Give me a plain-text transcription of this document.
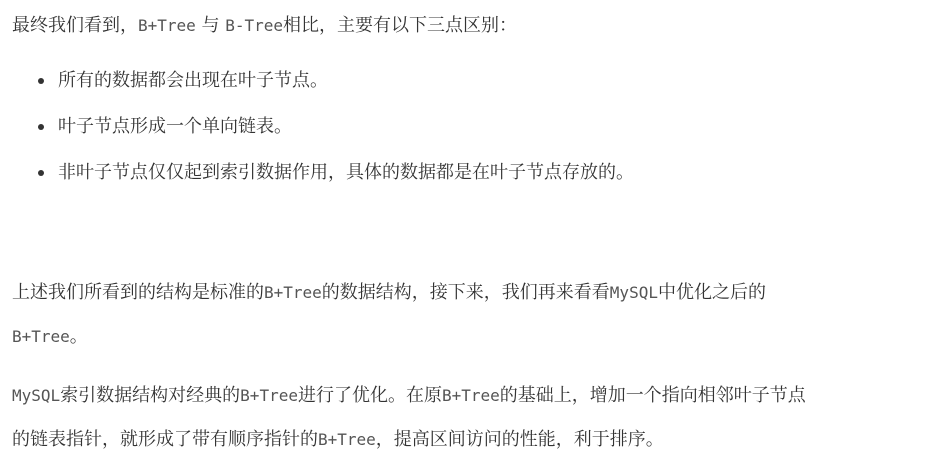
最终我们看到，B+Tree 与 B-Tree相比，主要有以下三点区别：

所有的数据都会出现在叶子节点。
叶子节点形成一个单向链表。
非叶子节点仅仅起到索引数据作用，具体的数据都是在叶子节点存放的。

上述我们所看到的结构是标准的B+Tree的数据结构，接下来，我们再来看看MySQL中优化之后的

B+Tree。

MySQL索引数据结构对经典的B+Tree进行了优化。在原B+Tree的基础上，增加一个指向相邻叶子节点

的链表指针，就形成了带有顺序指针的B+Tree，提高区间访问的性能，利于排序。
